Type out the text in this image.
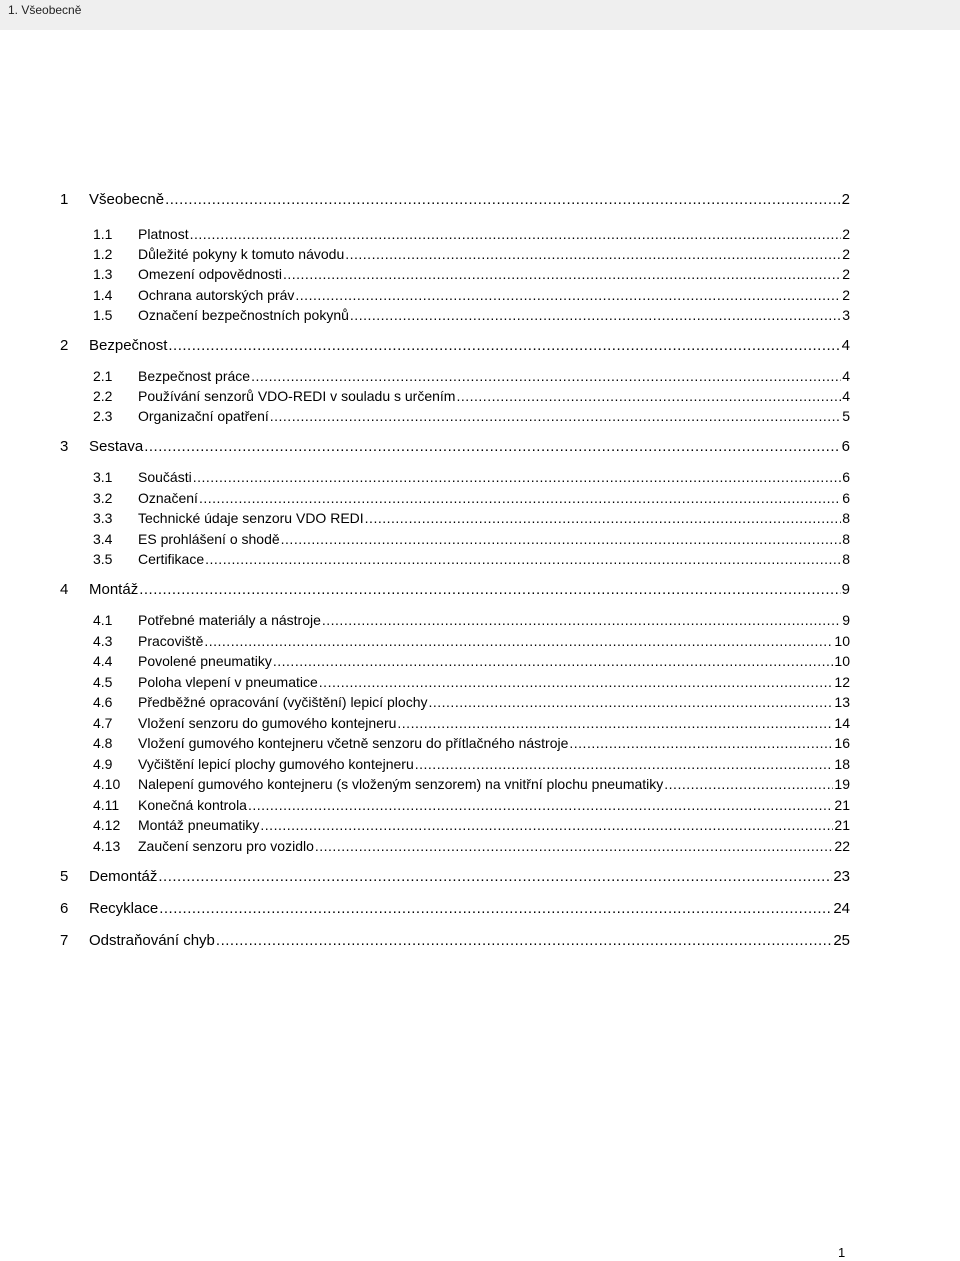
1. Všeobecně
1 Všeobecně .....	2
1.1 Platnost .....	2
1.2 Důležité pokyny k tomuto návodu .....	2
1.3 Omezení odpovědnosti .....	2
1.4 Ochrana autorských práv .....	2
1.5 Označení bezpečnostních pokynů .....	3
2 Bezpečnost .....	4
2.1 Bezpečnost práce .....	4
2.2 Používání senzorů VDO-REDI v souladu s určením .....	4
2.3 Organizační opatření .....	5
3 Sestava .....	6
3.1 Součásti .....	6
3.2 Označení .....	6
3.3 Technické údaje senzoru VDO REDI .....	8
3.4 ES prohlášení o shodě .....	8
3.5 Certifikace .....	8
4 Montáž .....	9
4.1 Potřebné materiály a nástroje .....	9
4.3 Pracoviště .....	10
4.4 Povolené pneumatiky .....	10
4.5 Poloha vlepení v pneumatice .....	12
4.6 Předběžné opracování (vyčištění) lepicí plochy .....	13
4.7 Vložení senzoru do gumového kontejneru .....	14
4.8 Vložení gumového kontejneru včetně senzoru do přítlačného nástroje .....	16
4.9 Vyčištění lepicí plochy gumového kontejneru .....	18
4.10 Nalepení gumového kontejneru (s vloženým senzorem) na vnitřní plochu pneumatiky .....	19
4.11 Konečná kontrola .....	21
4.12 Montáž pneumatiky .....	21
4.13 Zaučení senzoru pro vozidlo .....	22
5 Demontáž .....	23
6 Recyklace .....	24
7 Odstraňování chyb .....	25
1
